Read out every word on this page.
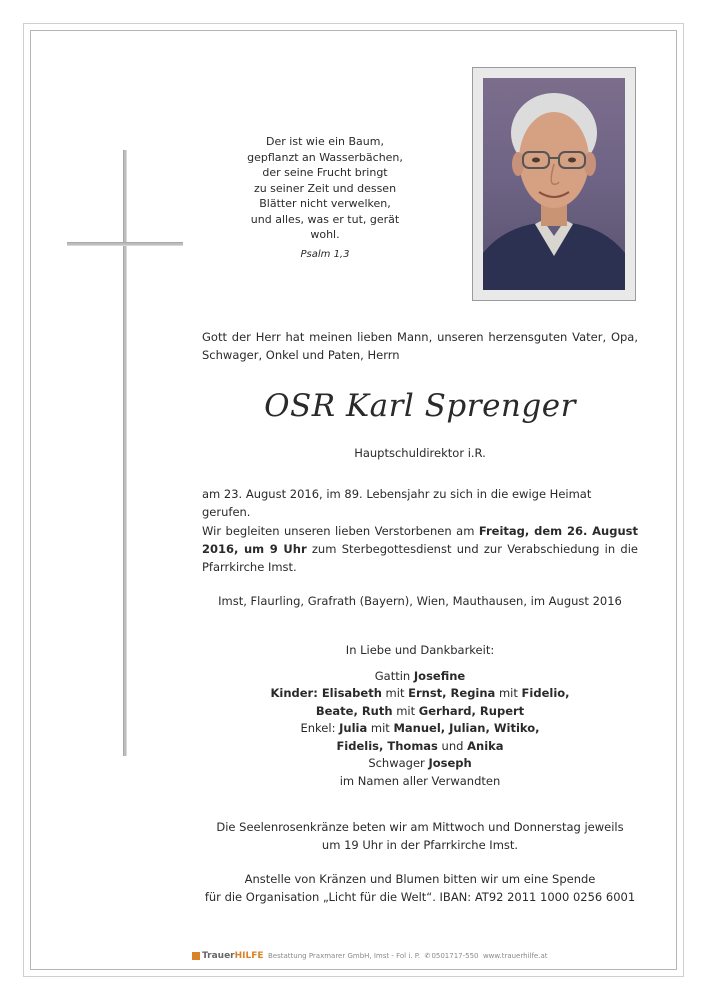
Der ist wie ein Baum,
gepflanzt an Wasserbächen,
der seine Frucht bringt
zu seiner Zeit und dessen
Blätter nicht verwelken,
und alles, was er tut, gerät wohl.
Psalm 1,3
Gott der Herr hat meinen lieben Mann, unseren herzensguten Vater, Opa, Schwager, Onkel und Paten, Herrn
OSR Karl Sprenger
Hauptschuldirektor i.R.
am 23. August 2016, im 89. Lebensjahr zu sich in die ewige Heimat gerufen.
Wir begleiten unseren lieben Verstorbenen am Freitag, dem 26. August 2016, um 9 Uhr zum Sterbegottesdienst und zur Verabschiedung in die Pfarrkirche Imst.
Imst, Flaurling, Grafrath (Bayern), Wien, Mauthausen, im August 2016
In Liebe und Dankbarkeit:
Gattin Josefine
Kinder: Elisabeth mit Ernst, Regina mit Fidelio,
Beate, Ruth mit Gerhard, Rupert
Enkel: Julia mit Manuel, Julian, Witiko,
Fidelis, Thomas und Anika
Schwager Joseph
im Namen aller Verwandten
Die Seelenrosenkränze beten wir am Mittwoch und Donnerstag jeweils
um 19 Uhr in der Pfarrkirche Imst.
Anstelle von Kränzen und Blumen bitten wir um eine Spende
für die Organisation „Licht für die Welt“. IBAN: AT92 2011 1000 0256 6001
TrauerHILFE Bestattung Praxmarer GmbH, Imst - Fol i. P. ✆0501717-550 www.trauerhilfe.at
